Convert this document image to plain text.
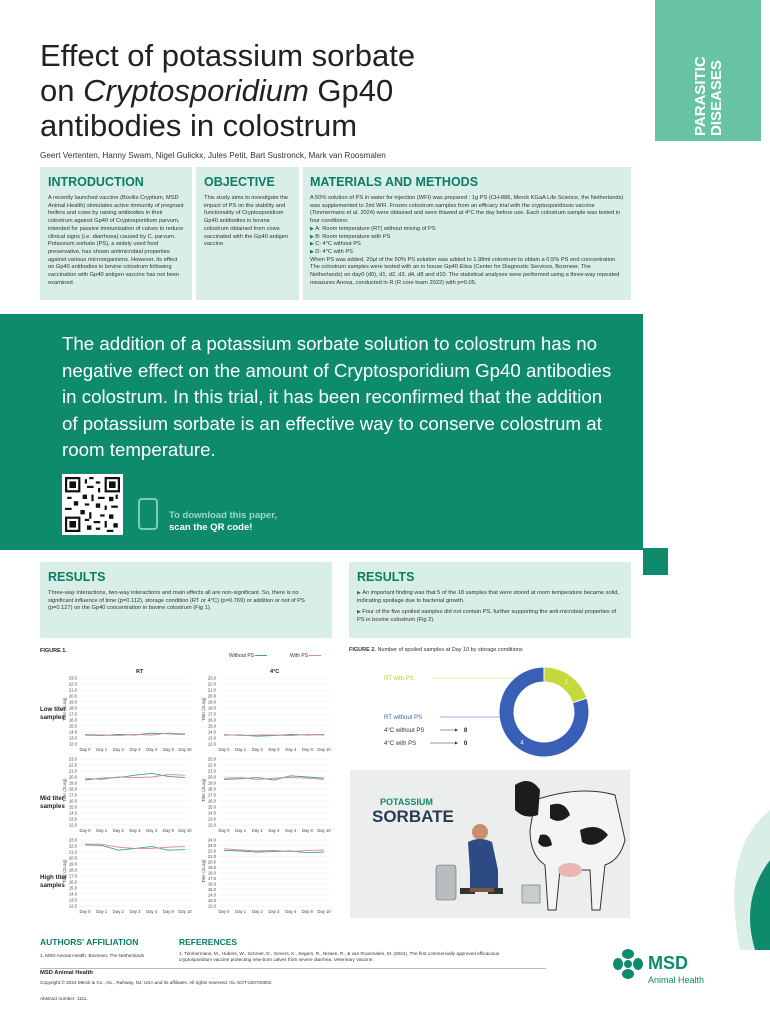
Effect of potassium sorbate
on Cryptosporidium Gp40
antibodies in colostrum	PARASITIC DISEASES
Geert Vertenten, Hanny Swam, Nigel Gulickx, Jules Petit, Bart Sustronck, Mark van Roosmalen
INTRODUCTION

A recently launched vaccine (Bovilis Cryptium, MSD Animal Health) stimulates active immunity of pregnant heifers and cows by raising antibodies in their colostrum against Gp40 of Cryptosporidium parvum, intended for passive immunisation of calves to reduce clinical signs (i.e. diarrhoea) caused by C. parvum. Potassium sorbate (PS), a widely used food preservative, has shown antimicrobial properties against various microorganisms. However, its effect on Gp40 antibodies in bovine colostrum following vaccination with Gp40 antigen vaccine has not been examined.

OBJECTIVE

This study aims to investigate the impact of PS on the stability and functionality of Cryptosporidium Gp40 antibodies in bovine colostrum obtained from cows vaccinated with the Gp40 antigen vaccine.

MATERIALS AND METHODS

A 50% solution of PS in water for injection (WFI) was prepared : 1g PS (CH-886, Merck KGaA Life Science, the Netherlands) was supplemented to 2ml WFI. Frozen colostrum samples from an efficacy trial with the cryptosporidiosis vaccine (Timmermans et al. 2024) were obtained and were thawed at 4°C the day before use. Each colostrum sample was tested in four conditions:

▶ A: Room temperature (RT) without mixing of PS
▶ B: Room temperature with PS
▶ C: 4°C without PS
▶ D: 4°C with PS

When PS was added, 20µl of the 50% PS solution was added to 1.98ml colostrum to obtain a 0.5% PS end concentration. The colostrum samples were tested with an in house Gp40 Elisa (Center for Diagnostic Services, Boxmeer, The Netherlands) on day0 (d0), d1, d2, d3, d4, d8 and d10. The statistical analyses were performed using a three-way repeated measures Anova, conducted in R (R core team 2022) with p=0.05.

The addition of a potassium sorbate solution to colostrum has no negative effect on the amount of Cryptosporidium Gp40 antibodies in colostrum. In this trial, it has been reconfirmed that the addition of potassium sorbate is an effective way to conserve colostrum at room temperature.
To download this paper,
scan the QR code!
RESULTS

Three-way interactions, two-way interactions and main effects all are non-significant. So, there is no significant influence of time (p=0.112), storage condition (RT or 4°C) (p=0.769) or addition or not of PS (p=0.127) on the Gp40 concentration in bovine colostrum (Fig 1).

RESULTS
▶ An important finding was that 5 of the 18 samples that were stored at room temperature became solid, indicating spoilage due to bacterial growth.
▶ Four of the five spoiled samples did not contain PS, further supporting the anti-microbial properties of PS in bovine colostrum (Fig 2).
FIGURE 1.
Without PS	With PS
RT	4°C
Low titer samples
Mid titer samples
High titer samples
12.0
13.0
14.0
15.0
16.0
17.0
18.0
19.0
20.0
21.0
22.0
23.0
Day 0 Day 1 Day 2 Day 3 Day 4 Day 8 Day 10
Titer (2Log)
12.0
13.0
14.0
15.0
16.0
17.0
18.0
19.0
20.0
21.0
22.0
23.0
Day 0 Day 1 Day 2 Day 3 Day 4 Day 8 Day 10
Titer (2Log)
12.0
13.0
14.0
15.0
16.0
17.0
18.0
19.0
20.0
21.0
22.0
23.0
Day 0 Day 1 Day 2 Day 3 Day 4 Day 8 Day 10
Titer (2Log)
12.0
13.0
14.0
15.0
16.0
17.0
18.0
19.0
20.0
21.0
22.0
23.0
Day 0 Day 1 Day 2 Day 3 Day 4 Day 8 Day 10
Titer (2Log)
12.0
13.0
14.0
15.0
16.0
17.0
18.0
19.0
20.0
21.0
22.0
23.0
Day 0 Day 1 Day 2 Day 3 Day 4 Day 8 Day 10
Titer (2Log)
12.0
13.0
14.0
15.0
16.0
17.0
18.0
19.0
20.0
21.0
22.0
23.0
24.0
Day 0 Day 1 Day 2 Day 3 Day 4 Day 8 Day 10
Titer (2Log)
FIGURE 2. Number of spoiled samples at Day 10 by storage conditions
1
4
RT with PS
RT without PS
4°C without PS	0
4°C with PS	0
POTASSIUM
SORBATE
AUTHORS' AFFILIATION
1. MSD Animal Health, Boxmeer, The Netherlands
REFERENCES
1. Timmermans, M., Hubers, W., Schroer, D., Gevers, K., Segers, R., Nissen, R., & van Roosmalen, M. (2024). The first commercially approved efficacious cryptosporidium vaccine protecting new-born calves from severe diarrhea. Veterinary Vaccine.
MSD Animal Health
Copyright © 2024 Merck & Co., Inc., Rahway, NJ, USA and its affiliates. All rights reserved. GL-SOT-220700002
Abstract number: 1111.
MSD
Animal Health
